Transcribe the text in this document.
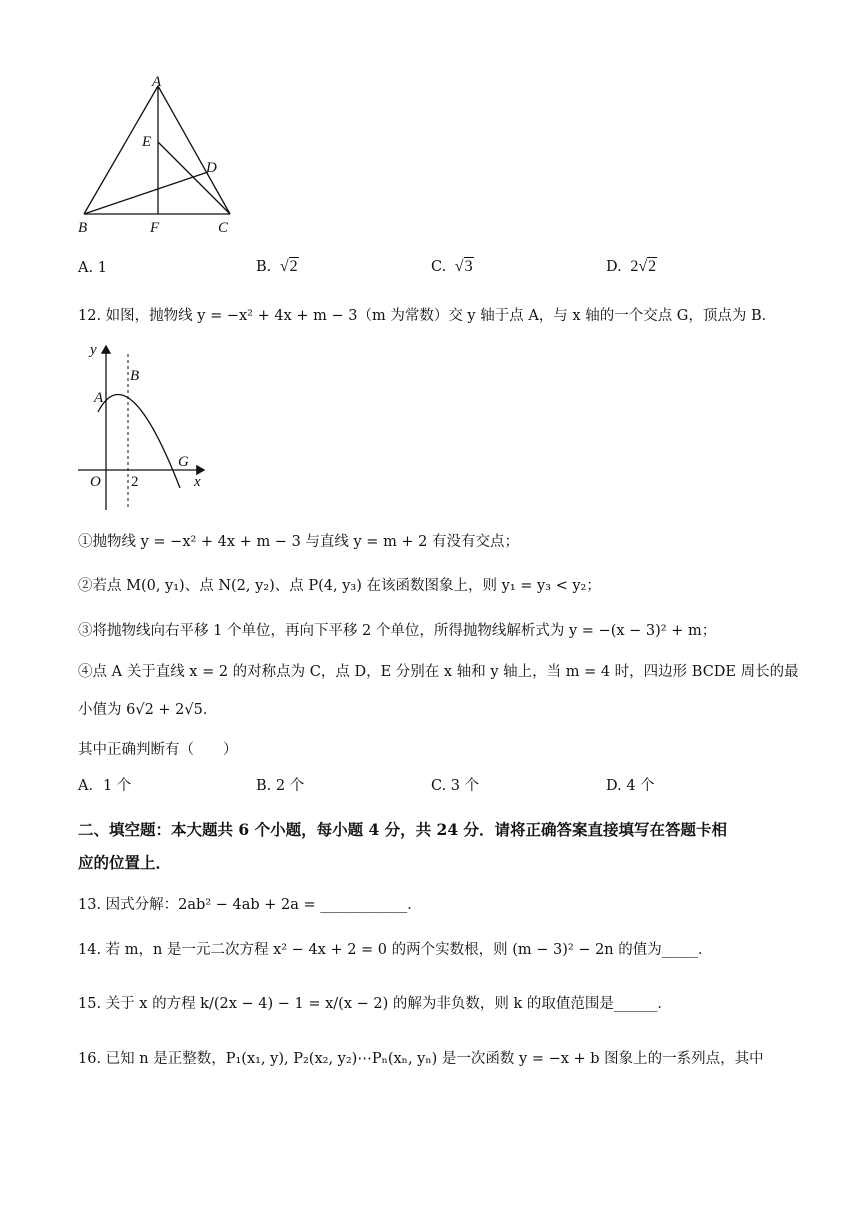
A
E
D
B	F	C
A. 1	B.  √2	C.  √3	D.  2√2
12. 如图，抛物线 y = −x² + 4x + m − 3（m 为常数）交 y 轴于点 A，与 x 轴的一个交点 G，顶点为 B．
y
x
A
B
G
O 2
①抛物线 y = −x² + 4x + m − 3 与直线 y = m + 2 有没有交点；
②若点 M(0, y₁)、点 N(2, y₂)、点 P(4, y₃) 在该函数图象上，则 y₁ = y₃ < y₂；
③将抛物线向右平移 1 个单位，再向下平移 2 个单位，所得抛物线解析式为 y = −(x − 3)² + m；
④点 A 关于直线 x = 2 的对称点为 C，点 D，E 分别在 x 轴和 y 轴上，当 m = 4 时，四边形 BCDE 周长的最
小值为 6√2 + 2√5．
其中正确判断有（　　）
A．1 个	B. 2 个	C. 3 个	D. 4 个
二、填空题：本大题共 6 个小题，每小题 4 分，共 24 分．请将正确答案直接填写在答题卡相
应的位置上．
13. 因式分解：2ab² − 4ab + 2a = ____________．
14. 若 m，n 是一元二次方程 x² − 4x + 2 = 0 的两个实数根，则 (m − 3)² − 2n 的值为_____．
15. 关于 x 的方程 k/(2x − 4) − 1 = x/(x − 2) 的解为非负数，则 k 的取值范围是______．
16. 已知 n 是正整数，P₁(x₁, y), P₂(x₂, y₂)⋯Pₙ(xₙ, yₙ) 是一次函数 y = −x + b 图象上的一系列点，其中
